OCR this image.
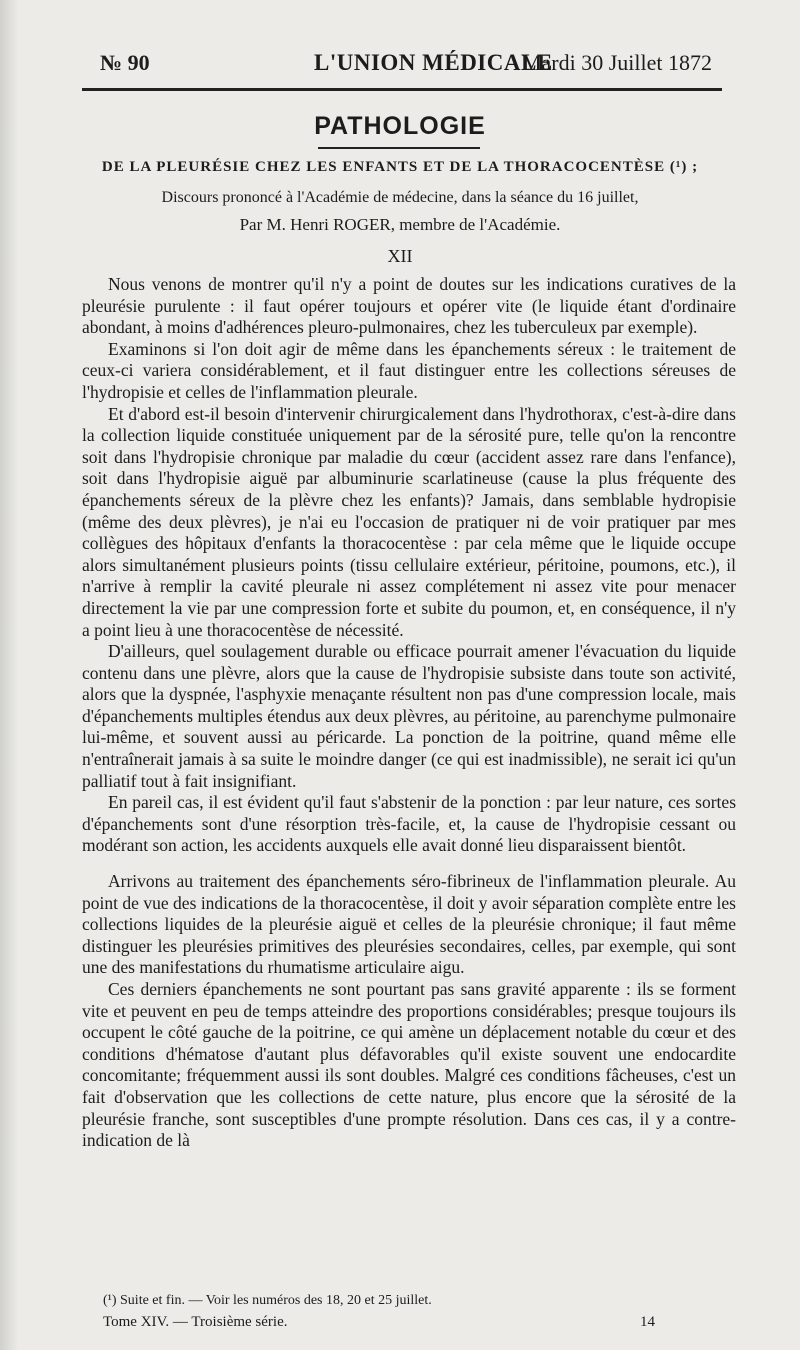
№ 90	L'UNION MÉDICALE
Mardi 30 Juillet 1872
PATHOLOGIE
DE LA PLEURÉSIE CHEZ LES ENFANTS ET DE LA THORACOCENTÈSE (¹) ;
Discours prononcé à l'Académie de médecine, dans la séance du 16 juillet,
Par M. Henri ROGER, membre de l'Académie.
XII

Nous venons de montrer qu'il n'y a point de doutes sur les indications curatives de la pleurésie purulente : il faut opérer toujours et opérer vite (le liquide étant d'ordinaire abondant, à moins d'adhérences pleuro-pulmonaires, chez les tuberculeux par exemple).

Examinons si l'on doit agir de même dans les épanchements séreux : le traitement de ceux-ci variera considérablement, et il faut distinguer entre les collections séreuses de l'hydropisie et celles de l'inflammation pleurale.

Et d'abord est-il besoin d'intervenir chirurgicalement dans l'hydrothorax, c'est-à-dire dans la collection liquide constituée uniquement par de la sérosité pure, telle qu'on la rencontre soit dans l'hydropisie chronique par maladie du cœur (accident assez rare dans l'enfance), soit dans l'hydropisie aiguë par albuminurie scarlatineuse (cause la plus fréquente des épanchements séreux de la plèvre chez les enfants)? Jamais, dans semblable hydropisie (même des deux plèvres), je n'ai eu l'occasion de pratiquer ni de voir pratiquer par mes collègues des hôpitaux d'enfants la thoracocentèse : par cela même que le liquide occupe alors simultanément plusieurs points (tissu cellulaire extérieur, péritoine, poumons, etc.), il n'arrive à remplir la cavité pleurale ni assez complétement ni assez vite pour menacer directement la vie par une compression forte et subite du poumon, et, en conséquence, il n'y a point lieu à une thoracocentèse de nécessité.

D'ailleurs, quel soulagement durable ou efficace pourrait amener l'évacuation du liquide contenu dans une plèvre, alors que la cause de l'hydropisie subsiste dans toute son activité, alors que la dyspnée, l'asphyxie menaçante résultent non pas d'une compression locale, mais d'épanchements multiples étendus aux deux plèvres, au péritoine, au parenchyme pulmonaire lui-même, et souvent aussi au péricarde. La ponction de la poitrine, quand même elle n'entraînerait jamais à sa suite le moindre danger (ce qui est inadmissible), ne serait ici qu'un palliatif tout à fait insignifiant.

En pareil cas, il est évident qu'il faut s'abstenir de la ponction : par leur nature, ces sortes d'épanchements sont d'une résorption très-facile, et, la cause de l'hydropisie cessant ou modérant son action, les accidents auxquels elle avait donné lieu disparaissent bientôt.

Arrivons au traitement des épanchements séro-fibrineux de l'inflammation pleurale. Au point de vue des indications de la thoracocentèse, il doit y avoir séparation complète entre les collections liquides de la pleurésie aiguë et celles de la pleurésie chronique; il faut même distinguer les pleurésies primitives des pleurésies secondaires, celles, par exemple, qui sont une des manifestations du rhumatisme articulaire aigu.

Ces derniers épanchements ne sont pourtant pas sans gravité apparente : ils se forment vite et peuvent en peu de temps atteindre des proportions considérables; presque toujours ils occupent le côté gauche de la poitrine, ce qui amène un déplacement notable du cœur et des conditions d'hématose d'autant plus défavorables qu'il existe souvent une endocardite concomitante; fréquemment aussi ils sont doubles. Malgré ces conditions fâcheuses, c'est un fait d'observation que les collections de cette nature, plus encore que la sérosité de la pleurésie franche, sont susceptibles d'une prompte résolution. Dans ces cas, il y a contre-indication de là

(¹) Suite et fin. — Voir les numéros des 18, 20 et 25 juillet.
Tome XIV. — Troisième série.	14
